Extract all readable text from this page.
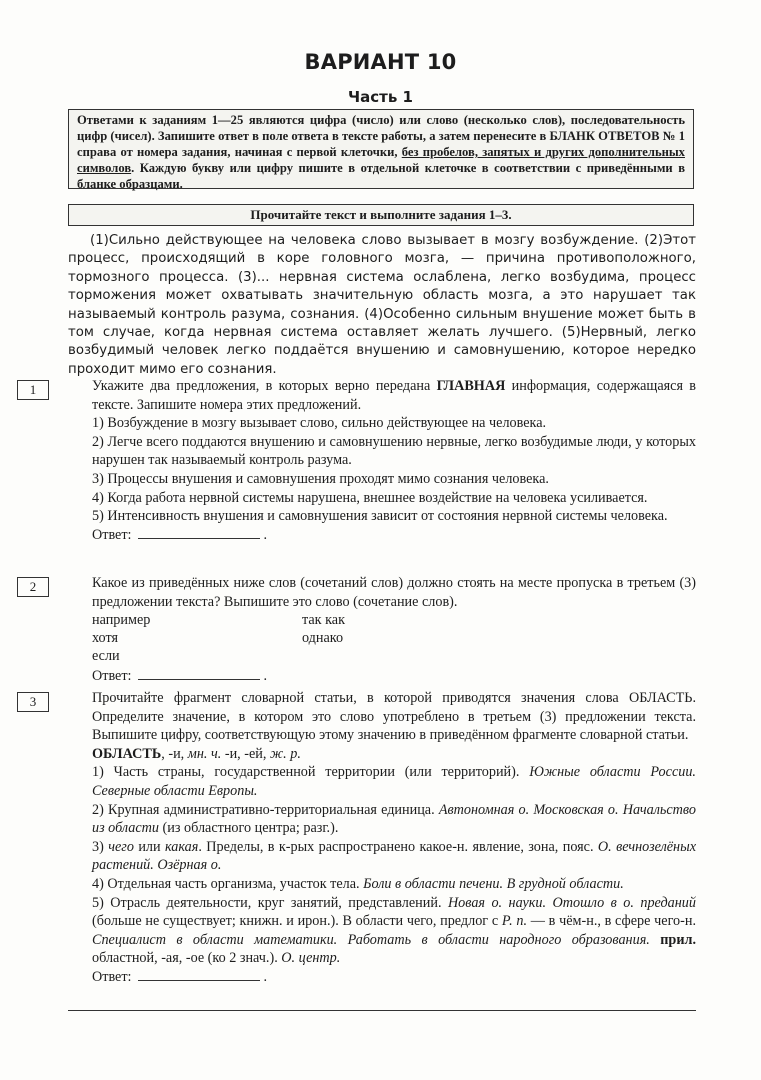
ВАРИАНТ 10
Часть 1
Ответами к заданиям 1—25 являются цифра (число) или слово (несколько слов), последовательность цифр (чисел). Запишите ответ в поле ответа в тексте работы, а затем перенесите в БЛАНК ОТВЕТОВ № 1 справа от номера задания, начиная с первой клеточки, без пробелов, запятых и других дополнительных символов. Каждую букву или цифру пишите в отдельной клеточке в соответствии с приведёнными в бланке образцами.
Прочитайте текст и выполните задания 1–3.

(1)Сильно действующее на человека слово вызывает в мозгу возбуждение. (2)Этот процесс, происходящий в коре головного мозга, — причина противоположного, тормозного процесса. (3)... нервная система ослаблена, легко возбудима, процесс торможения может охватывать значительную область мозга, а это нарушает так называемый контроль разума, сознания. (4)Особенно сильным внушение может быть в том случае, когда нервная система оставляет желать лучшего. (5)Нервный, легко возбудимый человек легко поддаётся внушению и самовнушению, которое нередко проходит мимо его сознания.

1	Укажите два предложения, в которых верно передана ГЛАВНАЯ информация, содержащаяся в тексте. Запишите номера этих предложений.

1) Возбуждение в мозгу вызывает слово, сильно действующее на человека.

2) Легче всего поддаются внушению и самовнушению нервные, легко возбудимые люди, у которых нарушен так называемый контроль разума.

3) Процессы внушения и самовнушения проходят мимо сознания человека.

4) Когда работа нервной системы нарушена, внешнее воздействие на человека усиливается.

5) Интенсивность внушения и самовнушения зависит от состояния нервной системы человека.

Ответ:	.

2	Какое из приведённых ниже слов (сочетаний слов) должно стоять на месте пропуска в третьем (3) предложении текста? Выпишите это слово (сочетание слов).

например	так как
хотя	однако
если

Ответ:	.

3	Прочитайте фрагмент словарной статьи, в которой приводятся значения слова ОБЛАСТЬ. Определите значение, в котором это слово употреблено в третьем (3) предложении текста. Выпишите цифру, соответствующую этому значению в приведённом фрагменте словарной статьи.

ОБЛАСТЬ, -и, мн. ч. -и, -ей, ж. р.

1) Часть страны, государственной территории (или территорий). Южные области России. Северные области Европы.

2) Крупная административно-территориальная единица. Автономная о. Московская о. Начальство из области (из областного центра; разг.).

3) чего или какая. Пределы, в к-рых распространено какое-н. явление, зона, пояс. О. вечнозелёных растений. Озёрная о.

4) Отдельная часть организма, участок тела. Боли в области печени. В грудной области.

5) Отрасль деятельности, круг занятий, представлений. Новая о. науки. Отошло в о. преданий (больше не существует; книжн. и ирон.). В области чего, предлог с Р. п. — в чём-н., в сфере чего-н. Специалист в области математики. Работать в области народного образования. прил. областной, -ая, -ое (ко 2 знач.). О. центр.

Ответ:	.
